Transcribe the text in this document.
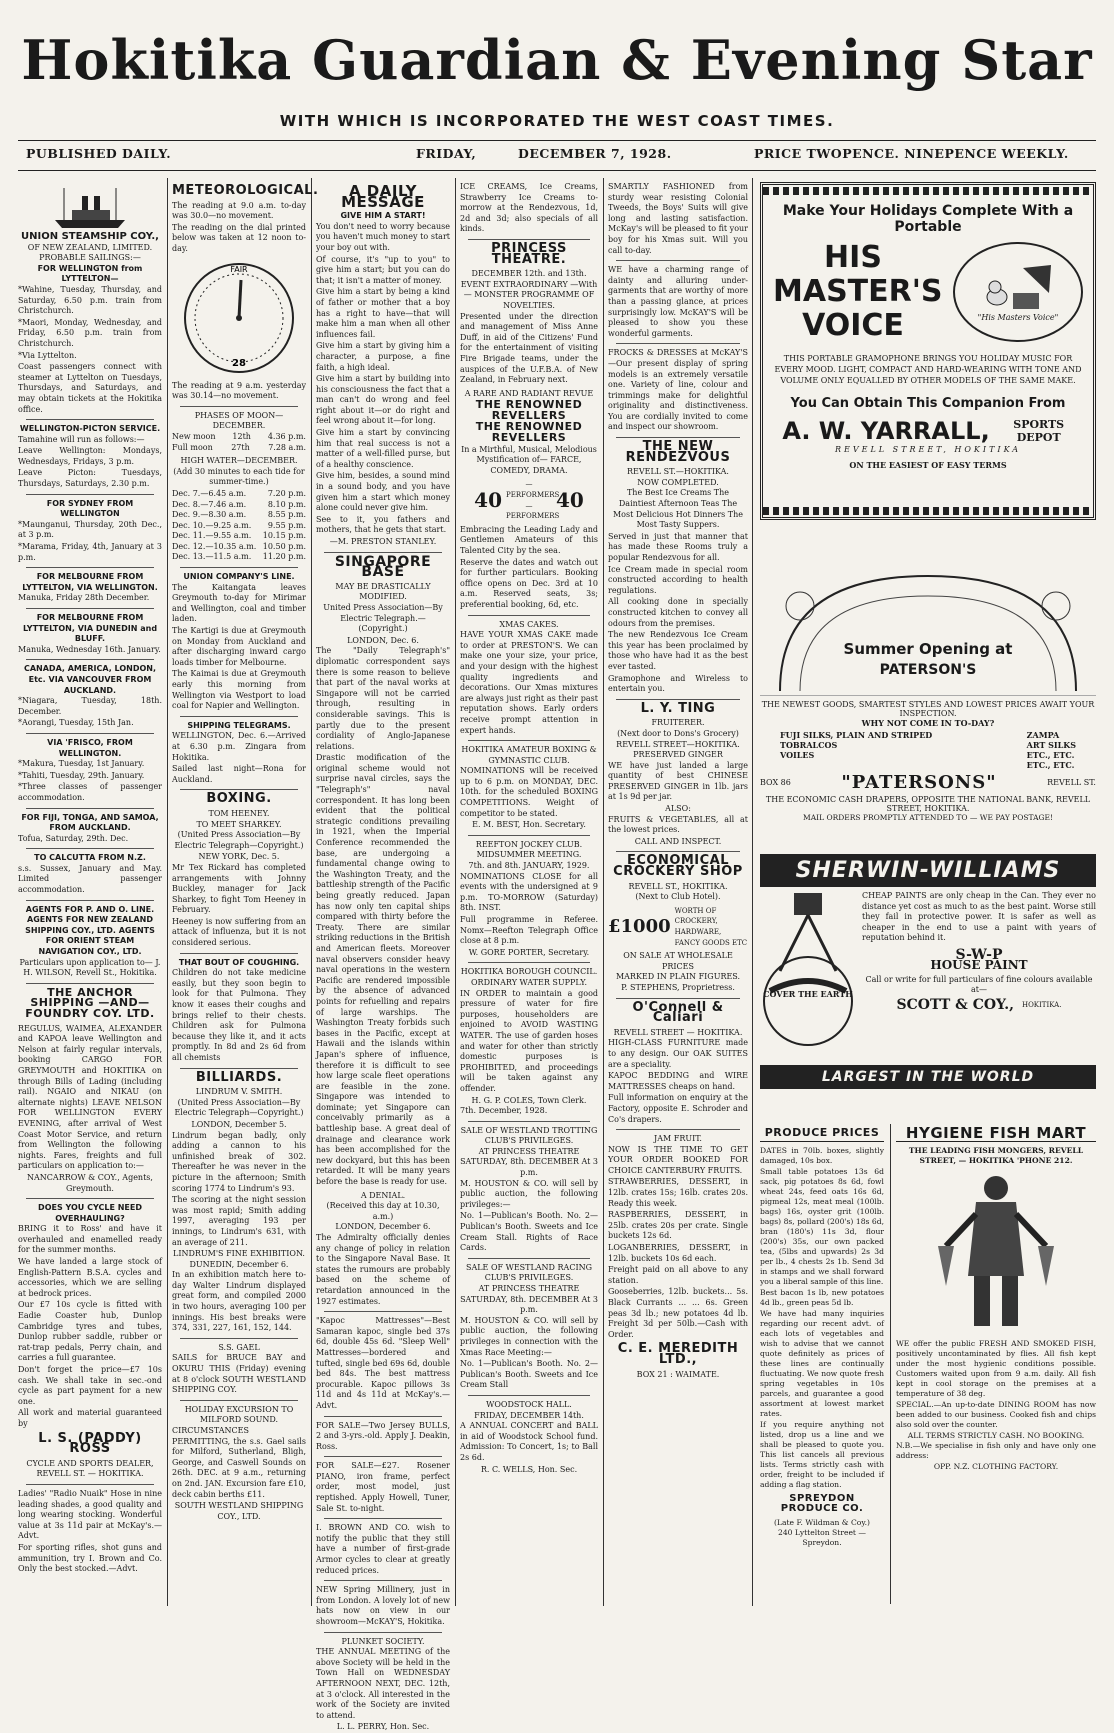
Hokitika Guardian & Evening Star
WITH WHICH IS INCORPORATED THE WEST COAST TIMES.
PUBLISHED DAILY.	FRIDAY,	DECEMBER 7, 1928.	PRICE TWOPENCE. NINEPENCE WEEKLY.
UNION STEAMSHIP COY.,
OF NEW ZEALAND, LIMITED.
PROBABLE SAILINGS:—
FOR WELLINGTON from LYTTELTON—

*Wahine, Tuesday, Thursday, and Saturday, 6.50 p.m. train from Christchurch.

*Maori, Monday, Wednesday, and Friday, 6.50 p.m. train from Christchurch.

*Via Lyttelton.

Coast passengers connect with steamer at Lyttelton on Tuesdays, Thursdays, and Saturdays, and may obtain tickets at the Hokitika office.

WELLINGTON-PICTON SERVICE.

Tamahine will run as follows:—

Leave Wellington: Mondays, Wednesdays, Fridays, 3 p.m.

Leave Picton: Tuesdays, Thursdays, Saturdays, 2.30 p.m.

FOR SYDNEY FROM WELLINGTON

*Maunganui, Thursday, 20th Dec., at 3 p.m.

*Marama, Friday, 4th, January at 3 p.m.

FOR MELBOURNE FROM LYTTELTON, VIA WELLINGTON.

Manuka, Friday 28th December.

FOR MELBOURNE FROM LYTTELTON, VIA DUNEDIN and BLUFF.

Manuka, Wednesday 16th. January.

CANADA, AMERICA, LONDON, Etc. VIA VANCOUVER FROM AUCKLAND.

*Niagara, Tuesday, 18th. December.

*Aorangi, Tuesday, 15th Jan.

VIA 'FRISCO, FROM WELLINGTON.

*Makura, Tuesday, 1st January.

*Tahiti, Tuesday, 29th. January.

*Three classes of passenger accommodation.

FOR FIJI, TONGA, AND SAMOA, FROM AUCKLAND.

Tofua, Saturday, 29th. Dec.

TO CALCUTTA FROM N.Z.

s.s. Sussex, January and May. Limited passenger accommodation.

AGENTS FOR P. AND O. LINE. AGENTS FOR NEW ZEALAND SHIPPING COY., LTD. AGENTS FOR ORIENT STEAM NAVIGATION COY., LTD.

Particulars upon application to— J. H. WILSON, Revell St., Hokitika.

THE ANCHOR SHIPPING —AND— FOUNDRY COY. LTD.

REGULUS, WAIMEA, ALEXANDER and KAPOA leave Wellington and Nelson at fairly regular intervals, booking CARGO FOR GREYMOUTH and HOKITIKA on through Bills of Lading (including rail). NGAIO and NIKAU (on alternate nights) LEAVE NELSON FOR WELLINGTON EVERY EVENING, after arrival of West Coast Motor Service, and return from Wellington the following nights. Fares, freights and full particulars on application to:—

NANCARROW & COY., Agents, Greymouth.

DOES YOU CYCLE NEED OVERHAULING?

BRING it to Ross' and have it overhauled and enamelled ready for the summer months.

We have landed a large stock of English-Pattern B.S.A. cycles and accessories, which we are selling at bedrock prices.

Our £7 10s cycle is fitted with Eadie Coaster hub, Dunlop Cambridge tyres and tubes, Dunlop rubber saddle, rubber or rat-trap pedals, Perry chain, and carries a full guarantee.

Don't forget the price—£7 10s cash. We shall take in sec.-ond cycle as part payment for a new one.

All work and material guaranteed by

L. S. (PADDY) ROSS

CYCLE AND SPORTS DEALER, REVELL ST. — HOKITIKA.

Ladies' "Radio Nuaik" Hose in nine leading shades, a good quality and long wearing stocking. Wonderful value at 3s 11d pair at McKay's.—Advt.

For sporting rifles, shot guns and ammunition, try I. Brown and Co. Only the best stocked.—Advt.

METEOROLOGICAL.

The reading at 9.0 a.m. to-day was 30.0—no movement.

The reading on the dial printed below was taken at 12 noon to-day.

FAIR
28

The reading at 9 a.m. yesterday was 30.14—no movement.

PHASES OF MOON—DECEMBER.
New moon 12th 4.36 p.m.
Full moon 27th 7.28 a.m.
HIGH WATER—DECEMBER.

(Add 30 minutes to each tide for summer-time.)

Dec. 7.—6.45 a.m.	7.20 p.m.
Dec. 8.—7.46 a.m.	8.10 p.m.
Dec. 9.—8.30 a.m.	8.55 p.m.
Dec. 10.—9.25 a.m. 9.55 p.m.
Dec. 11.—9.55 a.m. 10.15 p.m.
Dec. 12.—10.35 a.m. 10.50 p.m.
Dec. 13.—11.5 a.m. 11.20 p.m.
UNION COMPANY'S LINE.

The Kaitangata leaves Greymouth to-day for Mirimar and Wellington, coal and timber laden.

The Kartigi is due at Greymouth on Monday from Auckland and after discharging inward cargo loads timber for Melbourne.

The Kaimai is due at Greymouth early this morning from Wellington via Westport to load coal for Napier and Wellington.

SHIPPING TELEGRAMS.

WELLINGTON, Dec. 6.—Arrived at 6.30 p.m. Zingara from Hokitika.

Sailed last night—Rona for Auckland.

BOXING.
TOM HEENEY.
TO MEET SHARKEY.

(United Press Association—By Electric Telegraph—Copyright.)

NEW YORK, Dec. 5.

Mr Tex Rickard has completed arrangements with Johnny Buckley, manager for Jack Sharkey, to fight Tom Heeney in February.

Heeney is now suffering from an attack of influenza, but it is not considered serious.

THAT BOUT OF COUGHING.

Children do not take medicine easily, but they soon begin to look for that Pulmona. They know it eases their coughs and brings relief to their chests. Children ask for Pulmona because they like it, and it acts promptly. In 8d and 2s 6d from all chemists

BILLIARDS.
LINDRUM V. SMITH.

(United Press Association—By Electric Telegraph—Copyright.)

LONDON, December 5.

Lindrum began badly, only adding a cannon to his unfinished break of 302. Thereafter he was never in the picture in the afternoon; Smith scoring 1774 to Lindrum's 93.

The scoring at the night session was most rapid; Smith adding 1997, averaging 193 per innings, to Lindrum's 631, with an average of 211.

LINDRUM'S FINE EXHIBITION.
DUNEDIN, December 6.

In an exhibition match here to-day Walter Lindrum displayed great form, and compiled 2000 in two hours, averaging 100 per innings. His best breaks were 374, 331, 227, 161, 152, 144.

S.S. GAEL

SAILS for BRUCE BAY and OKURU THIS (Friday) evening at 8 o'clock SOUTH WESTLAND SHIPPING COY.

HOLIDAY EXCURSION TO MILFORD SOUND.

CIRCUMSTANCES PERMITTING, the s.s. Gael sails for Milford, Sutherland, Bligh, George, and Caswell Sounds on 26th. DEC. at 9 a.m., returning on 2nd. JAN. Excursion fare £10, deck cabin berths £11.

SOUTH WESTLAND SHIPPING COY., LTD.
A DAILY MESSAGE
GIVE HIM A START!

You don't need to worry because you haven't much money to start your boy out with.

Of course, it's "up to you" to give him a start; but you can do that; it isn't a matter of money.

Give him a start by being a kind of father or mother that a boy has a right to have—that will make him a man when all other influences fail.

Give him a start by giving him a character, a purpose, a fine faith, a high ideal.

Give him a start by building into his consciousness the fact that a man can't do wrong and feel right about it—or do right and feel wrong about it—for long.

Give him a start by convincing him that real success is not a matter of a well-filled purse, but of a healthy conscience.

Give him, besides, a sound mind in a sound body, and you have given him a start which money alone could never give him.

See to it, you fathers and mothers, that he gets that start.

—M. PRESTON STANLEY.
SINGAPORE BASE
MAY BE DRASTICALLY MODIFIED.

United Press Association—By Electric Telegraph.—(Copyright.)

LONDON, Dec. 6.

The "Daily Telegraph's" diplomatic correspondent says there is some reason to believe that part of the naval works at Singapore will not be carried through, resulting in considerable savings. This is partly due to the present cordiality of Anglo-Japanese relations.

Drastic modification of the original scheme would not surprise naval circles, says the "Telegraph's" naval correspondent. It has long been evident that the political strategic conditions prevailing in 1921, when the Imperial Conference recommended the base, are undergoing a fundamental change owing to the Washington Treaty, and the battleship strength of the Pacific being greatly reduced. Japan has now only ten capital ships compared with thirty before the Treaty. There are similar striking reductions in the British and American fleets. Moreover naval observers consider heavy naval operations in the western Pacific are rendered impossible by the absence of advanced points for refuelling and repairs of large warships. The Washington Treaty forbids such bases in the Pacific, except at Hawaii and the islands within Japan's sphere of influence, therefore it is difficult to see how large scale fleet operations are feasible in the zone. Singapore was intended to dominate; yet Singapore can conceivably primarily as a battleship base. A great deal of drainage and clearance work has been accomplished for the new dockyard, but this has been retarded. It will be many years before the base is ready for use.

A DENIAL.
(Received this day at 10.30, a.m.)
LONDON, December 6.

The Admiralty officially denies any change of policy in relation to the Singapore Naval Base. It states the rumours are probably based on the scheme of retardation announced in the 1927 estimates.

"Kapoc Mattresses"—Best Samaran kapoc, single bed 37s 6d, double 45s 6d. "Sleep Well" Mattresses—bordered and tufted, single bed 69s 6d, double bed 84s. The best mattress procurable. Kapoc pillows 3s 11d and 4s 11d at McKay's.—Advt.

FOR SALE—Two Jersey BULLS, 2 and 3-yrs.-old. Apply J. Deakin, Ross.

FOR SALE—£27. Rosener PIANO, iron frame, perfect order, most model, just reptished. Apply Howell, Tuner, Sale St. to-night.

I. BROWN AND CO. wish to notify the public that they still have a number of first-grade Armor cycles to clear at greatly reduced prices.

NEW Spring Millinery, just in from London. A lovely lot of new hats now on view in our showroom—McKAY'S, Hokitika.

PLUNKET SOCIETY.

THE ANNUAL MEETING of the above Society will be held in the Town Hall on WEDNESDAY AFTERNOON NEXT, DEC. 12th, at 3 o'clock. All interested in the work of the Society are invited to attend.

L. L. PERRY, Hon. Sec.

ICE CREAMS, Ice Creams, Strawberry Ice Creams to-morrow at the Rendezvous, 1d, 2d and 3d; also specials of all kinds.

PRINCESS THEATRE.
DECEMBER 12th. and 13th.
EVENT EXTRAORDINARY —With— MONSTER PROGRAMME OF NOVELTIES.

Presented under the direction and management of Miss Anne Duff, in aid of the Citizens' Fund for the entertainment of visiting Fire Brigade teams, under the auspices of the U.F.B.A. of New Zealand, in February next.

A RARE AND RADIANT REVUE
THE RENOWNED REVELLERS
THE RENOWNED REVELLERS
In a Mirthful, Musical, Melodious Mystification of— FARCE, COMEDY, DRAMA.
40
— PERFORMERS — PERFORMERS
40

Embracing the Leading Lady and Gentlemen Amateurs of this Talented City by the sea.

Reserve the dates and watch out for further particulars. Booking office opens on Dec. 3rd at 10 a.m. Reserved seats, 3s; preferential booking, 6d, etc.

XMAS CAKES.

HAVE YOUR XMAS CAKE made to order at PRESTON'S. We can make one your size, your price, and your design with the highest quality ingredients and decorations. Our Xmas mixtures are always just right as their past reputation shows. Early orders receive prompt attention in expert hands.

HOKITIKA AMATEUR BOXING & GYMNASTIC CLUB.

NOMINATIONS will be received up to 6 p.m. on MONDAY, DEC. 10th. for the scheduled BOXING COMPETITIONS. Weight of competitor to be stated.

E. M. BEST, Hon. Secretary.
REEFTON JOCKEY CLUB.
MIDSUMMER MEETING.
7th. and 8th. JANUARY, 1929.

NOMINATIONS CLOSE for all events with the undersigned at 9 p.m. TO-MORROW (Saturday) 8th. INST.

Full programme in Referee. Nomx—Reefton Telegraph Office close at 8 p.m.

W. GORE PORTER, Secretary.
HOKITIKA BOROUGH COUNCIL.
ORDINARY WATER SUPPLY.

IN ORDER to maintain a good pressure of water for fire purposes, householders are enjoined to AVOID WASTING WATER. The use of garden hoses and water for other than strictly domestic purposes is PROHIBITED, and proceedings will be taken against any offender.

H. G. P. COLES, Town Clerk.
7th. December, 1928.
SALE OF WESTLAND TROTTING CLUB'S PRIVILEGES.
AT PRINCESS THEATRE
SATURDAY, 8th. DECEMBER At 3 p.m.

M. HOUSTON & CO. will sell by public auction, the following privileges:—

No. 1—Publican's Booth. No. 2—Publican's Booth. Sweets and Ice Cream Stall. Rights of Race Cards.

SALE OF WESTLAND RACING CLUB'S PRIVILEGES.
AT PRINCESS THEATRE
SATURDAY, 8th. DECEMBER At 3 p.m.

M. HOUSTON & CO. will sell by public auction, the following privileges in connection with the Xmas Race Meeting:—

No. 1—Publican's Booth. No. 2—Publican's Booth. Sweets and Ice Cream Stall

WOODSTOCK HALL.
FRIDAY, DECEMBER 14th.

A ANNUAL CONCERT and BALL in aid of Woodstock School fund. Admission: To Concert, 1s; to Ball 2s 6d.

R. C. WELLS, Hon. Sec.

SMARTLY FASHIONED from sturdy wear resisting Colonial Tweeds, the Boys' Suits will give long and lasting satisfaction. McKay's will be pleased to fit your boy for his Xmas suit. Will you call to-day.

WE have a charming range of dainty and alluring under-garments that are worthy of more than a passing glance, at prices surprisingly low. McKAY'S will be pleased to show you these wonderful garments.

FROCKS & DRESSES at McKAY'S —Our present display of spring models is an extremely versatile one. Variety of line, colour and trimmings make for delightful originality and distinctiveness. You are cordially invited to come and inspect our showroom.

THE NEW RENDEZVOUS
REVELL ST.—HOKITIKA.
NOW COMPLETED.

The Best Ice Creams The Daintiest Afternoon Teas The Most Delicious Hot Dinners The Most Tasty Suppers.

Served in just that manner that has made these Rooms truly a popular Rendezvous for all.

Ice Cream made in special room constructed according to health regulations.

All cooking done in specially constructed kitchen to convey all odours from the premises.

The new Rendezvous Ice Cream this year has been proclaimed by those who have had it as the best ever tasted.

Gramophone and Wireless to entertain you.

L. Y. TING
FRUITERER.
(Next door to Dons's Grocery)
REVELL STREET—HOKITIKA.
PRESERVED GINGER

WE have just landed a large quantity of best CHINESE PRESERVED GINGER in 1lb. jars at 1s 9d per jar.

ALSO:

FRUITS & VEGETABLES, all at the lowest prices.

CALL AND INSPECT.
ECONOMICAL CROCKERY SHOP
REVELL ST., HOKITIKA.
(Next to Club Hotel).
£1000
WORTH OF CROCKERY, HARDWARE, FANCY GOODS ETC
ON SALE AT WHOLESALE PRICES
MARKED IN PLAIN FIGURES.
P. STEPHENS, Proprietress.
O'Connell & Caliari
REVELL STREET — HOKITIKA.

HIGH-CLASS FURNITURE made to any design. Our OAK SUITES are a speciality.

KAPOC BEDDING and WIRE MATTRESSES cheaps on hand.

Full information on enquiry at the Factory, opposite E. Schroder and Co's drapers.

JAM FRUIT.

NOW IS THE TIME TO GET YOUR ORDER BOOKED FOR CHOICE CANTERBURY FRUITS.

STRAWBERRIES, DESSERT, in 12lb. crates 15s; 16lb. crates 20s. Ready this week.

RASPBERRIES, DESSERT, in 25lb. crates 20s per crate. Single buckets 12s 6d.

LOGANBERRIES, DESSERT, in 12lb. buckets 10s 6d each.

Freight paid on all above to any station.

Gooseberries, 12lb. buckets... 5s. Black Currants ... ... 6s. Green peas 3d lb.; new potatoes 4d lb. Freight 3d per 50lb.—Cash with Order.

C. E. MEREDITH LTD.,
BOX 21 : WAIMATE.
Make Your Holidays Complete With a Portable
HIS MASTER'S VOICE	"His Masters Voice"
THIS PORTABLE GRAMOPHONE BRINGS YOU HOLIDAY MUSIC FOR EVERY MOOD. LIGHT, COMPACT AND HARD-WEARING WITH TONE AND VOLUME ONLY EQUALLED BY OTHER MODELS OF THE SAME MAKE.
You Can Obtain This Companion From
A. W. YARRALL,	SPORTS DEPOT
REVELL STREET, HOKITIKA
ON THE EASIEST OF EASY TERMS
Summer Opening at
PATERSON'S
THE NEWEST GOODS, SMARTEST STYLES AND LOWEST PRICES AWAIT YOUR INSPECTION.
WHY NOT COME IN TO-DAY?
FUJI SILKS, PLAIN AND STRIPED
TOBRALCOS
VOILES
ZAMPA
ART SILKS
ETC., ETC.
ETC., ETC.
BOX 86	"PATERSONS"	REVELL ST.
THE ECONOMIC CASH DRAPERS, OPPOSITE THE NATIONAL BANK, REVELL STREET, HOKITIKA.
MAIL ORDERS PROMPTLY ATTENDED TO — WE PAY POSTAGE!
SHERWIN-WILLIAMS
COVER THE EARTH

CHEAP PAINTS are only cheap in the Can. They ever no distance yet cost as much to as the best paint. Worse still they fail in protective power. It is safer as well as cheaper in the end to use a paint with years of reputation behind it.

S-W-P
HOUSE PAINT

Call or write for full particulars of fine colours available at—

SCOTT & COY., HOKITIKA.
LARGEST IN THE WORLD
PRODUCE PRICES

DATES in 70lb. boxes, slightly damaged, 10s box.

Small table potatoes 13s 6d sack, pig potatoes 8s 6d, fowl wheat 24s, feed oats 16s 6d, pigmeal 12s, meat meal (100lb. bags) 16s, oyster grit (100lb. bags) 8s, pollard (200's) 18s 6d, bran (180's) 11s 3d, flour (200's) 35s, our own packed tea, (5lbs and upwards) 2s 3d per lb., 4 chests 2s 1b. Send 3d in stamps and we shall forward you a liberal sample of this line.

Best bacon 1s lb, new potatoes 4d lb., green peas 5d lb.

We have had many inquiries regarding our recent advt. of each lots of vegetables and wish to advise that we cannot quote definitely as prices of these lines are continually fluctuating. We now quote fresh spring vegetables in 10s parcels, and guarantee a good assortment at lowest market rates.

If you require anything not listed, drop us a line and we shall be pleased to quote you. This list cancels all previous lists. Terms strictly cash with order, freight to be included if adding a flag station.

SPREYDON PRODUCE CO.
(Late F. Wildman & Coy.)
240 Lyttelton Street — Spreydon.
HYGIENE FISH MART
THE LEADING FISH MONGERS, REVELL STREET, — HOKITIKA 'PHONE 212.

WE offer the public FRESH AND SMOKED FISH, positively uncontaminated by flies. All fish kept under the most hygienic conditions possible. Customers waited upon from 9 a.m. daily. All fish kept in cool storage on the premises at a temperature of 38 deg.

SPECIAL.—An up-to-date DINING ROOM has now been added to our business. Cooked fish and chips also sold over the counter.

ALL TERMS STRICTLY CASH. NO BOOKING.

N.B.—We specialise in fish only and have only one address:

OPP. N.Z. CLOTHING FACTORY.
